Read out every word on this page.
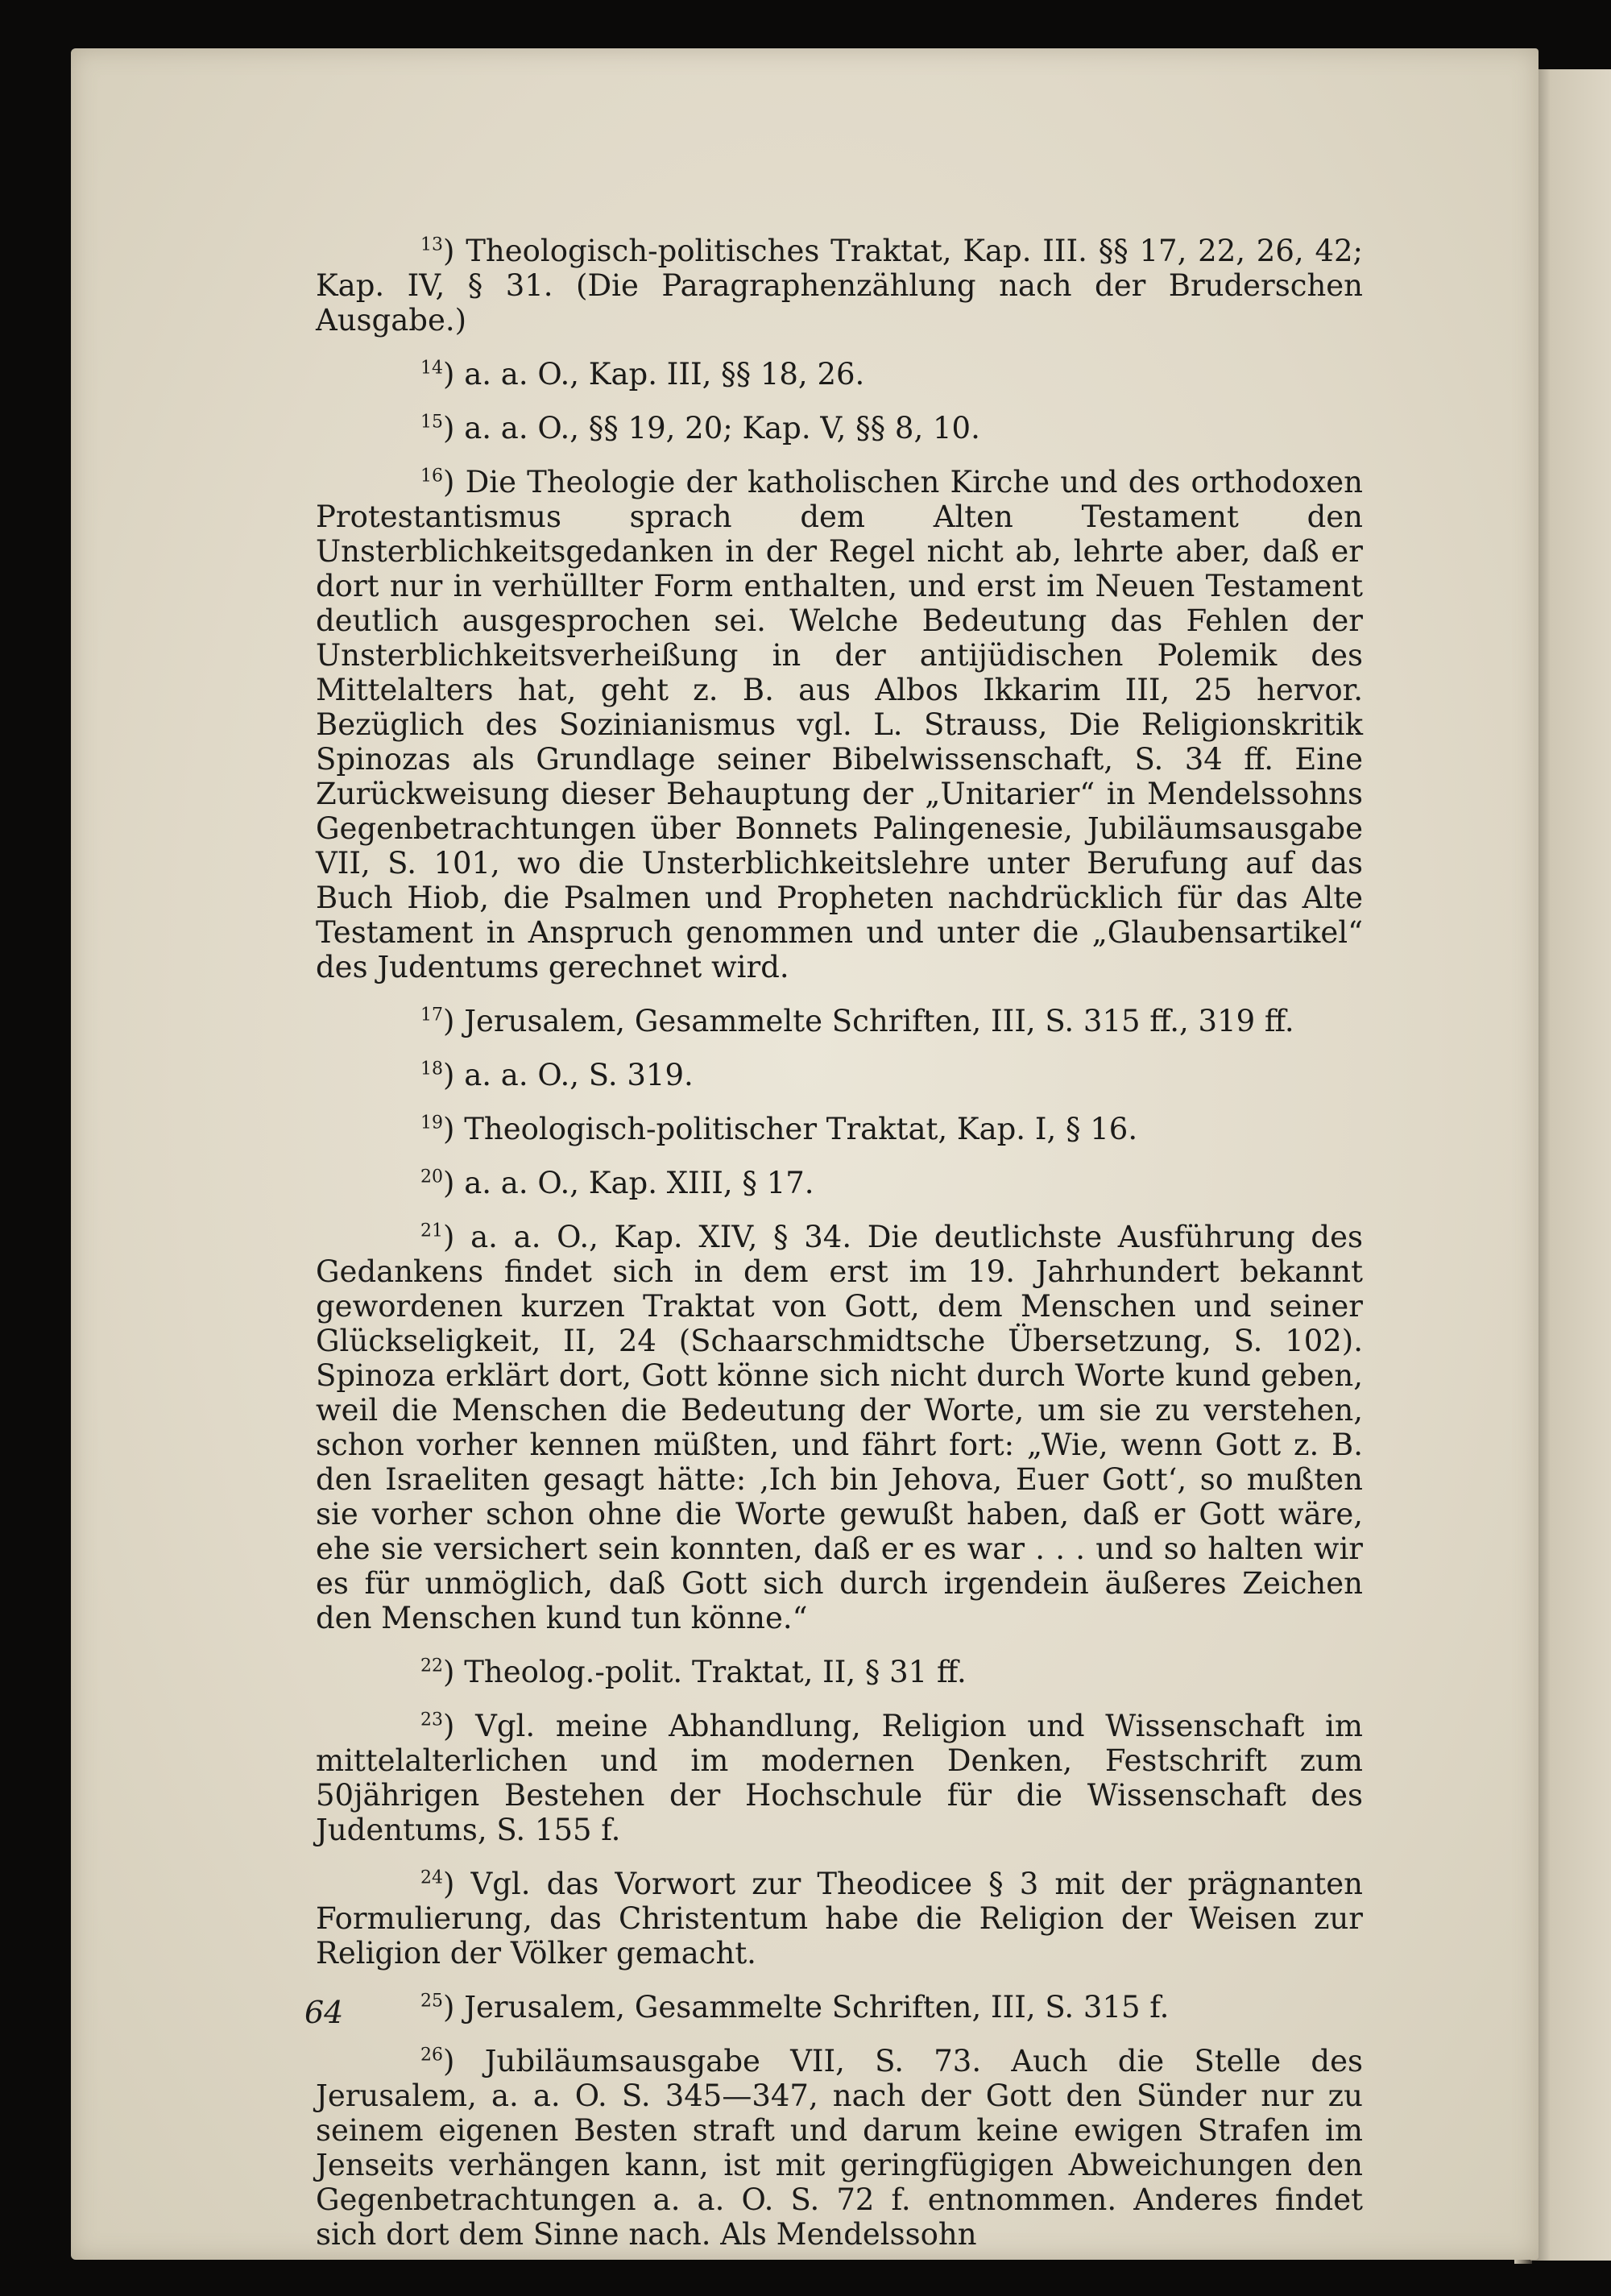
$^{13}$) Theologisch-politisches Traktat, Kap. III. §§ 17, 22, 26, 42; Kap. IV, § 31. (Die Paragraphenzählung nach der Bruderschen Ausgabe.)

$^{14}$) a. a. O., Kap. III, §§ 18, 26.

$^{15}$) a. a. O., §§ 19, 20; Kap. V, §§ 8, 10.

$^{16}$) Die Theologie der katholischen Kirche und des orthodoxen Protestantismus sprach dem Alten Testament den Unsterblichkeitsgedanken in der Regel nicht ab, lehrte aber, daß er dort nur in verhüllter Form enthalten, und erst im Neuen Testament deutlich ausgesprochen sei. Welche Bedeutung das Fehlen der Unsterblichkeitsverheißung in der antijüdischen Polemik des Mittelalters hat, geht z. B. aus Albos Ikkarim III, 25 hervor. Bezüglich des Sozinianismus vgl. L. Strauss, Die Religionskritik Spinozas als Grundlage seiner Bibelwissenschaft, S. 34 ff. Eine Zurückweisung dieser Behauptung der „Unitarier“ in Mendelssohns Gegenbetrachtungen über Bonnets Palingenesie, Jubiläumsausgabe VII, S. 101, wo die Unsterblichkeitslehre unter Berufung auf das Buch Hiob, die Psalmen und Propheten nachdrücklich für das Alte Testament in Anspruch genommen und unter die „Glaubensartikel“ des Judentums gerechnet wird.

$^{17}$) Jerusalem, Gesammelte Schriften, III, S. 315 ff., 319 ff.

$^{18}$) a. a. O., S. 319.

$^{19}$) Theologisch-politischer Traktat, Kap. I, § 16.

$^{20}$) a. a. O., Kap. XIII, § 17.

$^{21}$) a. a. O., Kap. XIV, § 34. Die deutlichste Ausführung des Gedankens findet sich in dem erst im 19. Jahrhundert bekannt gewordenen kurzen Traktat von Gott, dem Menschen und seiner Glückseligkeit, II, 24 (Schaarschmidtsche Übersetzung, S. 102). Spinoza erklärt dort, Gott könne sich nicht durch Worte kund geben, weil die Menschen die Bedeutung der Worte, um sie zu verstehen, schon vorher kennen müßten, und fährt fort: „Wie, wenn Gott z. B. den Israeliten gesagt hätte: ‚Ich bin Jehova, Euer Gott‘, so mußten sie vorher schon ohne die Worte gewußt haben, daß er Gott wäre, ehe sie versichert sein konnten, daß er es war . . . und so halten wir es für unmöglich, daß Gott sich durch irgendein äußeres Zeichen den Menschen kund tun könne.“

$^{22}$) Theolog.-polit. Traktat, II, § 31 ff.

$^{23}$) Vgl. meine Abhandlung, Religion und Wissenschaft im mittelalterlichen und im modernen Denken, Festschrift zum 50jährigen Bestehen der Hochschule für die Wissenschaft des Judentums, S. 155 f.

$^{24}$) Vgl. das Vorwort zur Theodicee § 3 mit der prägnanten Formulierung, das Christentum habe die Religion der Weisen zur Religion der Völker gemacht.

$^{25}$) Jerusalem, Gesammelte Schriften, III, S. 315 f.

$^{26}$) Jubiläumsausgabe VII, S. 73. Auch die Stelle des Jerusalem, a. a. O. S. 345—347, nach der Gott den Sünder nur zu seinem eigenen Besten straft und darum keine ewigen Strafen im Jenseits verhängen kann, ist mit geringfügigen Abweichungen den Gegenbetrachtungen a. a. O. S. 72 f. entnommen. Anderes findet sich dort dem Sinne nach. Als Mendelssohn

64
